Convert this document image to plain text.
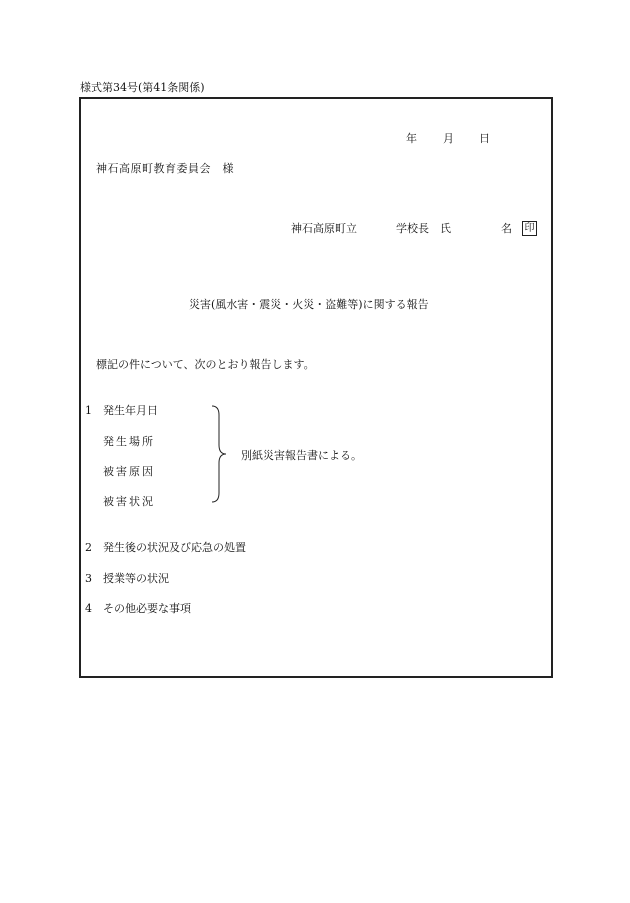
様式第34号(第41条関係)
年 月 日
神石高原町教育委員会　様
神石高原町立	学校長　氏	名 印
災害(風水害・震災・火災・盗難等)に関する報告
標記の件について、次のとおり報告します。
1 発生年月日
発生場所
被害原因
被害状況
別紙災害報告書による。
2 発生後の状況及び応急の処置
3 授業等の状況
4 その他必要な事項
